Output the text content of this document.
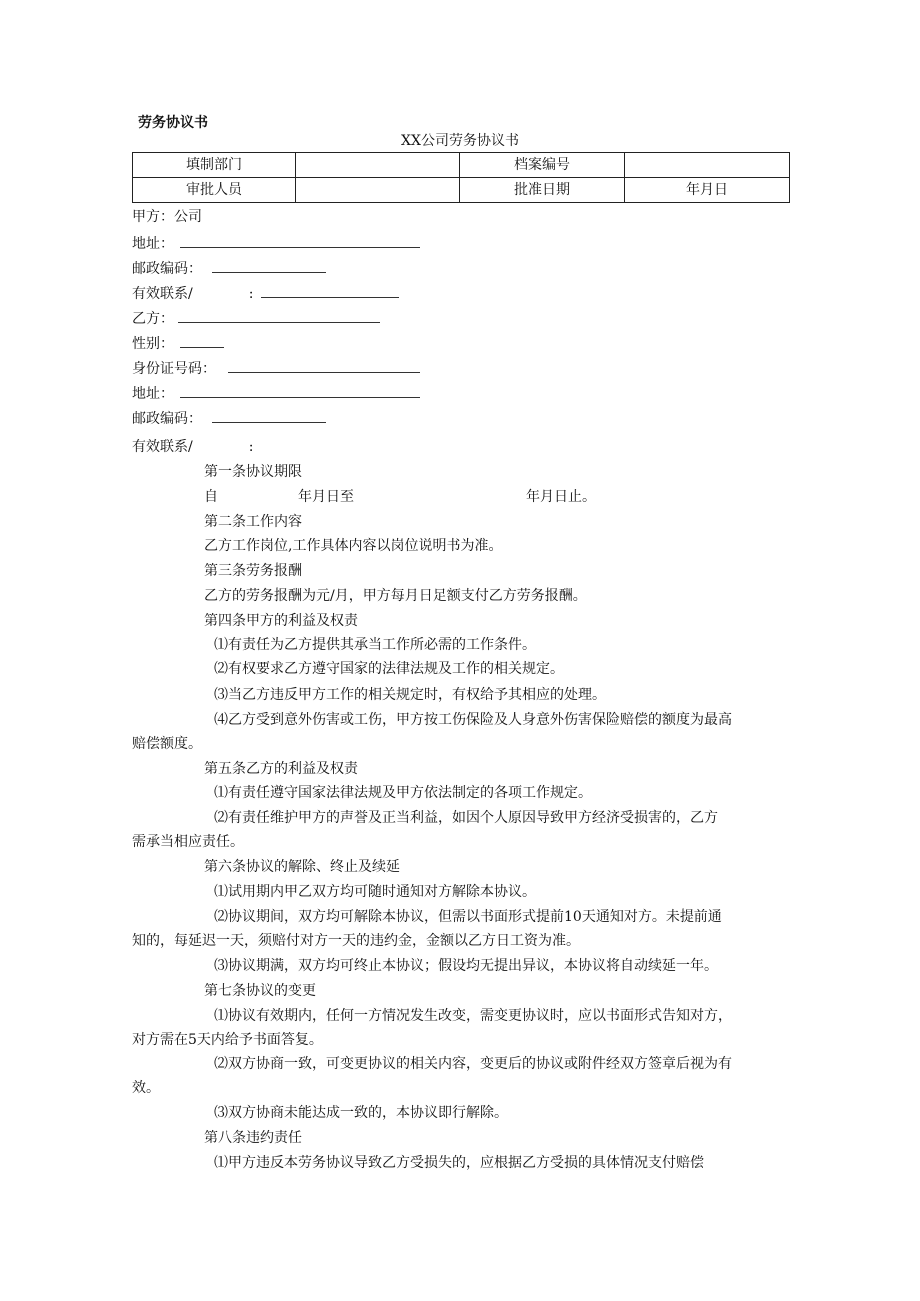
劳务协议书
XX公司劳务协议书
填制部门		档案编号	
审批人员		批准日期	年月日
甲方：公司
地址：
邮政编码：
有效联系/	:
乙方：
性别：
身份证号码：
地址：
邮政编码：
有效联系/	:
第一条协议期限
自	年月日至	年月日止。
第二条工作内容
乙方工作岗位,工作具体内容以岗位说明书为准。
第三条劳务报酬
乙方的劳务报酬为元/月，甲方每月日足额支付乙方劳务报酬。
第四条甲方的利益及权责
⑴有责任为乙方提供其承当工作所必需的工作条件。
⑵有权要求乙方遵守国家的法律法规及工作的相关规定。
⑶当乙方违反甲方工作的相关规定时，有权给予其相应的处理。
⑷乙方受到意外伤害或工伤，甲方按工伤保险及人身意外伤害保险赔偿的额度为最高
赔偿额度。
第五条乙方的利益及权责
⑴有责任遵守国家法律法规及甲方依法制定的各项工作规定。
⑵有责任维护甲方的声誉及正当利益，如因个人原因导致甲方经济受损害的，乙方
需承当相应责任。
第六条协议的解除、终止及续延
⑴试用期内甲乙双方均可随时通知对方解除本协议。
⑵协议期间，双方均可解除本协议，但需以书面形式提前10天通知对方。未提前通
知的，每延迟一天，须赔付对方一天的违约金，金额以乙方日工资为准。
⑶协议期满，双方均可终止本协议；假设均无提出异议，本协议将自动续延一年。
第七条协议的变更
⑴协议有效期内，任何一方情况发生改变，需变更协议时，应以书面形式告知对方，
对方需在5天内给予书面答复。
⑵双方协商一致，可变更协议的相关内容，变更后的协议或附件经双方签章后视为有
效。
⑶双方协商未能达成一致的，本协议即行解除。
第八条违约责任
⑴甲方违反本劳务协议导致乙方受损失的，应根据乙方受损的具体情况支付赔偿
